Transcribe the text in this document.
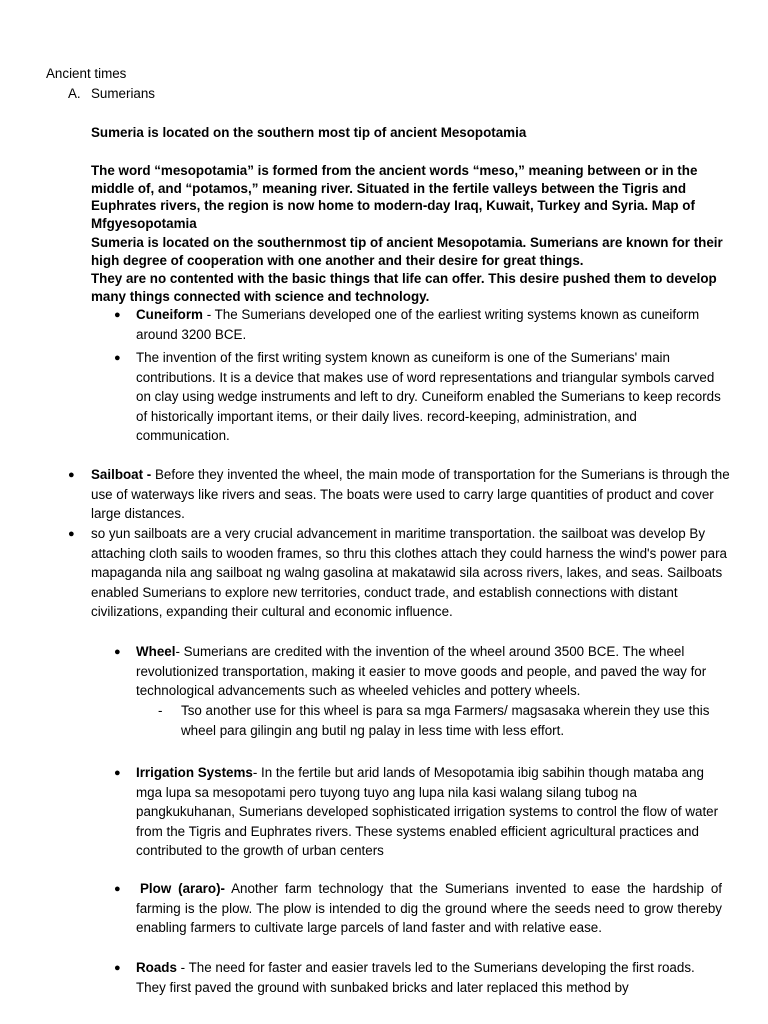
Ancient times
A. Sumerians
Sumeria is located on the southern most tip of ancient Mesopotamia
The word “mesopotamia” is formed from the ancient words “meso,” meaning between or in the middle of, and “potamos,” meaning river. Situated in the fertile valleys between the Tigris and Euphrates rivers, the region is now home to modern-day Iraq, Kuwait, Turkey and Syria. Map of Mfgyesopotamia
Sumeria is located on the southernmost tip of ancient Mesopotamia. Sumerians are known for their high degree of cooperation with one another and their desire for great things.
They are no contented with the basic things that life can offer. This desire pushed them to develop many things connected with science and technology.
● Cuneiform - The Sumerians developed one of the earliest writing systems known as cuneiform around 3200 BCE.
● The invention of the first writing system known as cuneiform is one of the Sumerians' main contributions. It is a device that makes use of word representations and triangular symbols carved on clay using wedge instruments and left to dry. Cuneiform enabled the Sumerians to keep records of historically important items, or their daily lives. record-keeping, administration, and communication.
● Sailboat - Before they invented the wheel, the main mode of transportation for the Sumerians is through the use of waterways like rivers and seas. The boats were used to carry large quantities of product and cover large distances.
● so yun sailboats are a very crucial advancement in maritime transportation. the sailboat was develop By attaching cloth sails to wooden frames, so thru this clothes attach they could harness the wind's power para mapaganda nila ang sailboat ng walng gasolina at makatawid sila across rivers, lakes, and seas. Sailboats enabled Sumerians to explore new territories, conduct trade, and establish connections with distant civilizations, expanding their cultural and economic influence.
● Wheel- Sumerians are credited with the invention of the wheel around 3500 BCE. The wheel revolutionized transportation, making it easier to move goods and people, and paved the way for technological advancements such as wheeled vehicles and pottery wheels.
- Tso another use for this wheel is para sa mga Farmers/ magsasaka wherein they use this wheel para gilingin ang butil ng palay in less time with less effort.
● Irrigation Systems- In the fertile but arid lands of Mesopotamia ibig sabihin though mataba ang mga lupa sa mesopotami pero tuyong tuyo ang lupa nila kasi walang silang tubog na pangkukuhanan, Sumerians developed sophisticated irrigation systems to control the flow of water from the Tigris and Euphrates rivers. These systems enabled efficient agricultural practices and contributed to the growth of urban centers
● Plow (araro)- Another farm technology that the Sumerians invented to ease the hardship of farming is the plow. The plow is intended to dig the ground where the seeds need to grow thereby enabling farmers to cultivate large parcels of land faster and with relative ease.
● Roads - The need for faster and easier travels led to the Sumerians developing the first roads. They first paved the ground with sunbaked bricks and later replaced this method by
